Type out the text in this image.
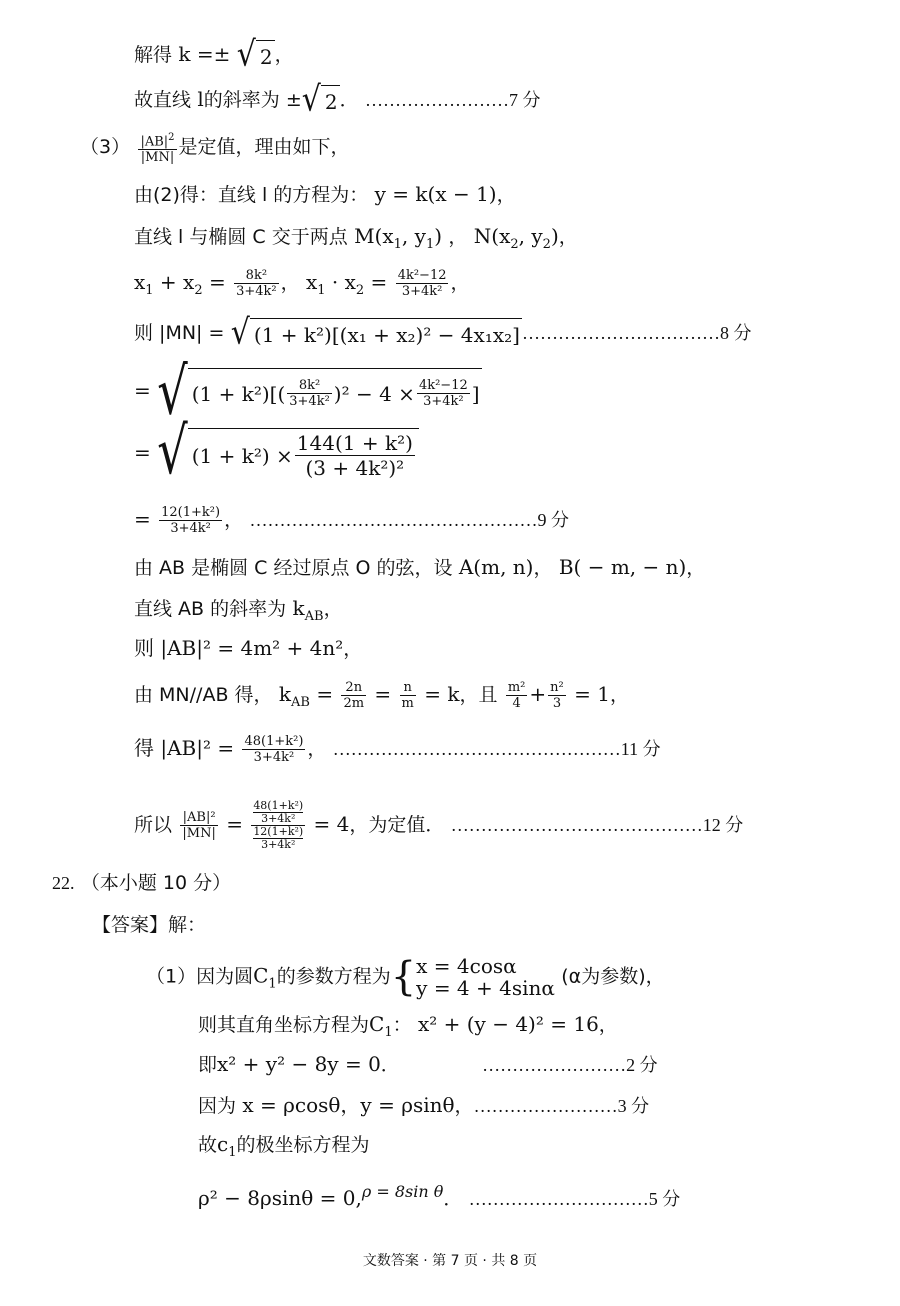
解得 k =± √ 2 ，
故直线 l的斜率为 ± √ 2 ． ……………………7 分
$(3) \frac{|AB|^2}{|MN|}$ 是定值，理由如下，
由(2)得：直线 l 的方程为： y = k(x − 1)，
直线 l 与椭圆 C 交于两点 $M(x_1$, $y_1$) ， $N(x_2$, $y_2$)，
$x_1 + x_2 = \frac{\text{8k²}}{\text{3+4k²}}$ ， $x_1 \cdot x_2 = \frac{\text{4k²−12}}{\text{3+4k²}}$ ，
则 |MN| = √ (1 + k²)[(x₁ + x₂)² − 4x₁x₂] ……………………………8 分
= √ $(1 + k^2)[( \frac{\text{8k²}}{\text{3+4k²}} )^2 - 4 \times \frac{\text{4k²−12}}{\text{3+4k²}}$ ]
= √ $(1 + k^2) \times \frac{\text{144(1 + k²)}}{\text{(3 + 4k²)²}}$
= $\frac{\text{12(1+k²)}}{\text{3+4k²}}$ ， …………………………………………9 分
由 AB 是椭圆 C 经过原点 O 的弦，设 A(m, n)， B( − m, − n)，
直线 AB 的斜率为 $k_{AB}$，
则 |AB|² = 4m² + 4n²，
由 MN//AB 得， $k_{AB} = \frac{2n}{2m} = \frac{n}{m} = k$，且 $\frac{\text{m²}}{4} + \frac{\text{n²}}{3} = 1$，
得 $|AB|^2 = \frac{\text{48(1+k²)}}{\text{3+4k²}}$ ， …………………………………………11 分
所以 $\frac{\text{|AB|²}}{|MN|} = \frac{\frac{\text{48(1+k²)}}{\text{3+4k²}}}{\frac{\text{12(1+k²)}}{\text{3+4k²}}} = 4$，为定值． ……………………………………12 分
22. （本小题 10 分）
【答案】解：
（1）因为圆$C_1$的参数方程为{ x = 4cosα
y = 4 + 4sinα (α为参数)，
则其直角坐标方程为$C_1$： x² + (y − 4)² = 16，
即x² + y² − 8y = 0．	……………………2 分
因为 x = ρcosθ，y = ρsinθ，……………………3 分
故$c_1$的极坐标方程为
ρ² − 8ρsinθ = 0,$^{\rho = 8sin \theta}$． …………………………5 分
文数答案 · 第 7 页 · 共 8 页
